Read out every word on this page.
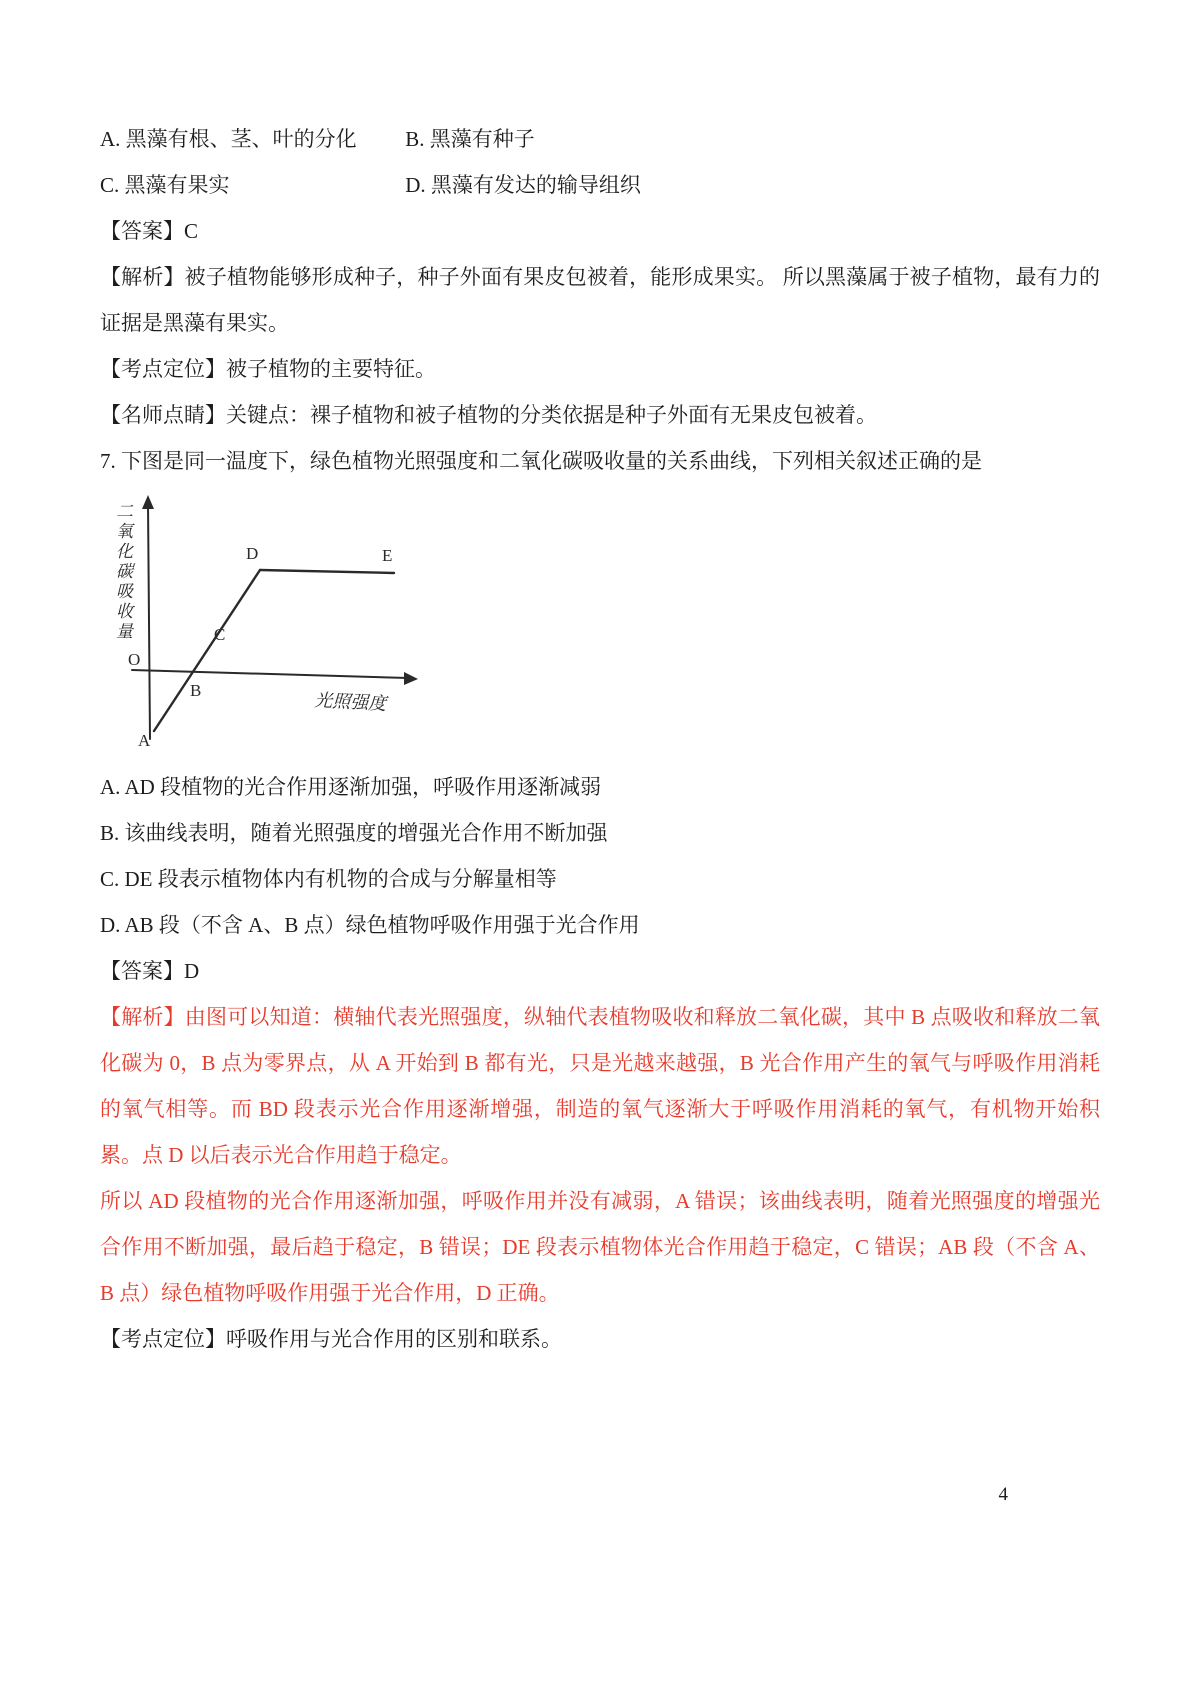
A. 黑藻有根、茎、叶的分化 B. 黑藻有种子
C. 黑藻有果实	D. 黑藻有发达的输导组织

【答案】C

【解析】被子植物能够形成种子，种子外面有果皮包被着，能形成果实。 所以黑藻属于被子植物，最有力的证据是黑藻有果实。

【考点定位】被子植物的主要特征。

【名师点睛】关键点：裸子植物和被子植物的分类依据是种子外面有无果皮包被着。

7. 下图是同一温度下，绿色植物光照强度和二氧化碳吸收量的关系曲线，下列相关叙述正确的是

二氧化碳吸收量
O
A
B
C
D	E
光照强度

A. AD 段植物的光合作用逐渐加强，呼吸作用逐渐减弱

B. 该曲线表明，随着光照强度的增强光合作用不断加强

C. DE 段表示植物体内有机物的合成与分解量相等

D. AB 段（不含 A、B 点）绿色植物呼吸作用强于光合作用

【答案】D

【解析】由图可以知道：横轴代表光照强度，纵轴代表植物吸收和释放二氧化碳，其中 B 点吸收和释放二氧化碳为 0，B 点为零界点，从 A 开始到 B 都有光，只是光越来越强，B 光合作用产生的氧气与呼吸作用消耗的氧气相等。而 BD 段表示光合作用逐渐增强，制造的氧气逐渐大于呼吸作用消耗的氧气，有机物开始积累。点 D 以后表示光合作用趋于稳定。

所以 AD 段植物的光合作用逐渐加强，呼吸作用并没有减弱，A 错误；该曲线表明，随着光照强度的增强光合作用不断加强，最后趋于稳定，B 错误；DE 段表示植物体光合作用趋于稳定，C 错误；AB 段（不含 A、B 点）绿色植物呼吸作用强于光合作用，D 正确。

【考点定位】呼吸作用与光合作用的区别和联系。

4
